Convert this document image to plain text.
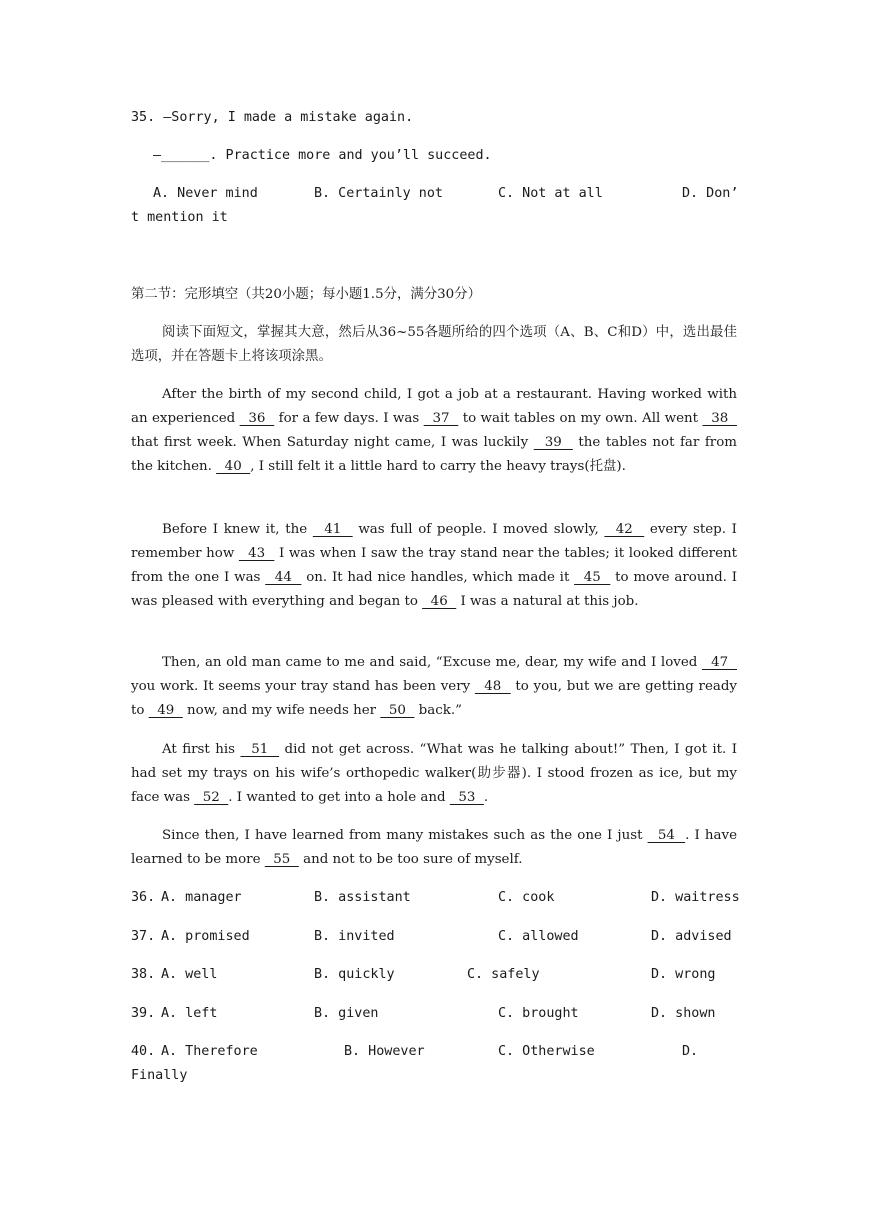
35. —Sorry, I made a mistake again.
—______. Practice more and you’ll succeed.
A. Never mind	B. Certainly not	C. Not at all	D. Don’
t mention it
第二节：完形填空（共20小题；每小题1.5分，满分30分）
阅读下面短文，掌握其大意，然后从36~55各题所给的四个选项（A、B、C和D）中，选出最佳选项，并在答题卡上将该项涂黑。
After the birth of my second child, I got a job at a restaurant. Having worked with an experienced   36   for a few days. I was   37   to wait tables on my own. All went   38   that first week. When Saturday night came, I was luckily   39   the tables not far from the kitchen.   40  , I still felt it a little hard to carry the heavy trays(托盘).
Before I knew it, the   41   was full of people. I moved slowly,   42   every step. I remember how   43   I was when I saw the tray stand near the tables; it looked different from the one I was   44   on. It had nice handles, which made it   45   to move around. I was pleased with everything and began to   46   I was a natural at this job.
Then, an old man came to me and said, “Excuse me, dear, my wife and I loved   47   you work. It seems your tray stand has been very   48   to you, but we are getting ready to   49   now, and my wife needs her   50   back.”
At first his   51   did not get across. “What was he talking about!” Then, I got it. I had set my trays on his wife’s orthopedic walker(助步器). I stood frozen as ice, but my face was   52  . I wanted to get into a hole and   53  .
Since then, I have learned from many mistakes such as the one I just   54  . I have learned to be more   55   and not to be too sure of myself.
36. A. manager	B. assistant	C. cook	D. waitress
37. A. promised	B. invited	C. allowed	D. advised
38. A. well	B. quickly	C. safely	D. wrong
39. A. left	B. given	C. brought	D. shown
40. A. Therefore	B. However	C. Otherwise	D.
Finally
